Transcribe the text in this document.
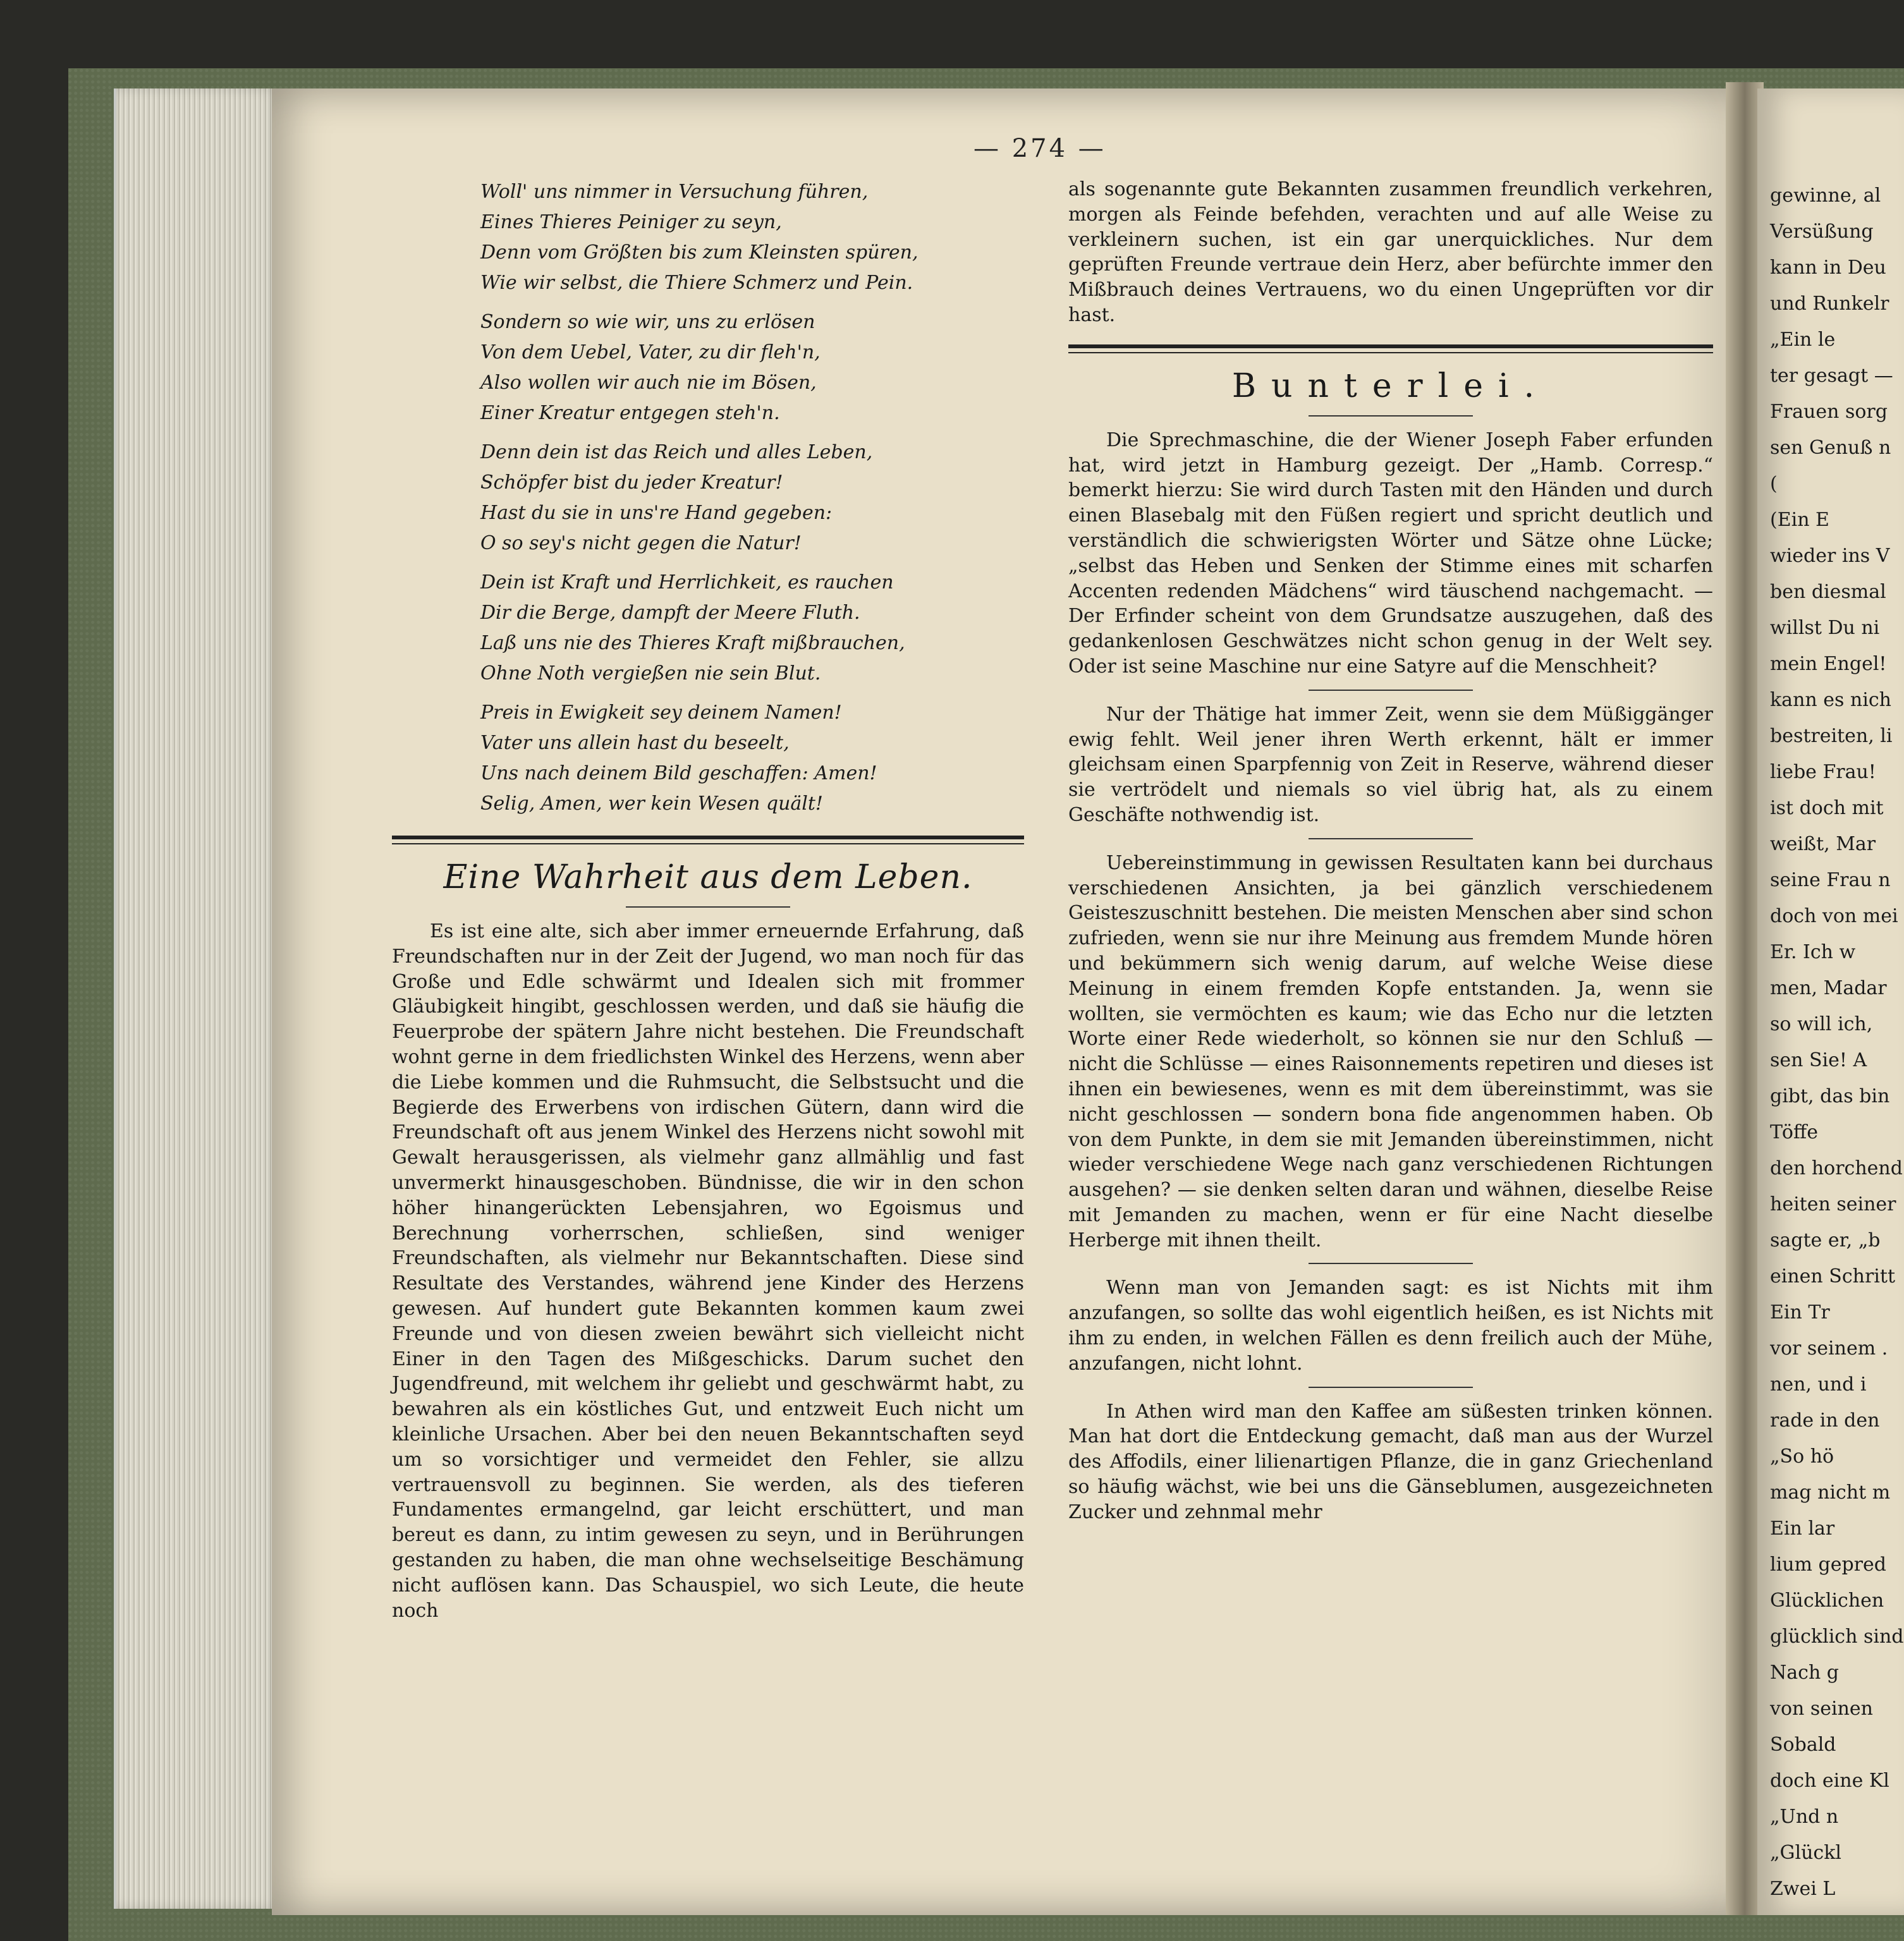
gewinne, al
Versüßung
kann in Deu
und Runkelr
„Ein le
ter gesagt —
Frauen sorg
sen Genuß n
(
(Ein E
wieder ins V
ben diesmal
willst Du ni
mein Engel!
kann es nich
bestreiten, li
liebe Frau!
ist doch mit
weißt, Mar
seine Frau n
doch von mei
Er. Ich w
men, Madar
so will ich,
sen Sie! A
gibt, das bin
Töffe
den horchend
heiten seiner
sagte er, „b
einen Schritt
Ein Tr
vor seinem .
nen, und i
rade in den
„So hö
mag nicht m
Ein lar
lium gepred
Glücklichen
glücklich sind
Nach g
von seinen
Sobald
doch eine Kl
„Und n
„Glückl
Zwei L
— 274 —
Woll' uns nimmer in Versuchung führen,
Eines Thieres Peiniger zu seyn,
Denn vom Größten bis zum Kleinsten spüren,
Wie wir selbst, die Thiere Schmerz und Pein.
Sondern so wie wir, uns zu erlösen
Von dem Uebel, Vater, zu dir fleh'n,
Also wollen wir auch nie im Bösen,
Einer Kreatur entgegen steh'n.
Denn dein ist das Reich und alles Leben,
Schöpfer bist du jeder Kreatur!
Hast du sie in uns're Hand gegeben:
O so sey's nicht gegen die Natur!
Dein ist Kraft und Herrlichkeit, es rauchen
Dir die Berge, dampft der Meere Fluth.
Laß uns nie des Thieres Kraft mißbrauchen,
Ohne Noth vergießen nie sein Blut.
Preis in Ewigkeit sey deinem Namen!
Vater uns allein hast du beseelt,
Uns nach deinem Bild geschaffen: Amen!
Selig, Amen, wer kein Wesen quält!
Eine Wahrheit aus dem Leben.

Es ist eine alte, sich aber immer erneuernde Erfahrung, daß Freundschaften nur in der Zeit der Jugend, wo man noch für das Große und Edle schwärmt und Idealen sich mit frommer Gläubigkeit hingibt, geschlossen werden, und daß sie häufig die Feuerprobe der spätern Jahre nicht bestehen. Die Freundschaft wohnt gerne in dem friedlichsten Winkel des Herzens, wenn aber die Liebe kommen und die Ruhmsucht, die Selbstsucht und die Begierde des Erwerbens von irdischen Gütern, dann wird die Freundschaft oft aus jenem Winkel des Herzens nicht sowohl mit Gewalt herausgerissen, als vielmehr ganz allmählig und fast unvermerkt hinausgeschoben. Bündnisse, die wir in den schon höher hinangerückten Lebensjahren, wo Egoismus und Berechnung vorherrschen, schließen, sind weniger Freundschaften, als vielmehr nur Bekanntschaften. Diese sind Resultate des Verstandes, während jene Kinder des Herzens gewesen. Auf hundert gute Bekannten kommen kaum zwei Freunde und von diesen zweien bewährt sich vielleicht nicht Einer in den Tagen des Mißgeschicks. Darum suchet den Jugendfreund, mit welchem ihr geliebt und geschwärmt habt, zu bewahren als ein köstliches Gut, und entzweit Euch nicht um kleinliche Ursachen. Aber bei den neuen Bekanntschaften seyd um so vorsichtiger und vermeidet den Fehler, sie allzu vertrauensvoll zu beginnen. Sie werden, als des tieferen Fundamentes ermangelnd, gar leicht erschüttert, und man bereut es dann, zu intim gewesen zu seyn, und in Berührungen gestanden zu haben, die man ohne wechselseitige Beschämung nicht auflösen kann. Das Schauspiel, wo sich Leute, die heute noch

als sogenannte gute Bekannten zusammen freundlich verkehren, morgen als Feinde befehden, verachten und auf alle Weise zu verkleinern suchen, ist ein gar unerquickliches. Nur dem geprüften Freunde vertraue dein Herz, aber befürchte immer den Mißbrauch deines Vertrauens, wo du einen Ungeprüften vor dir hast.

Bunterlei.

Die Sprechmaschine, die der Wiener Joseph Faber erfunden hat, wird jetzt in Hamburg gezeigt. Der „Hamb. Corresp.“ bemerkt hierzu: Sie wird durch Tasten mit den Händen und durch einen Blasebalg mit den Füßen regiert und spricht deutlich und verständlich die schwierigsten Wörter und Sätze ohne Lücke; „selbst das Heben und Senken der Stimme eines mit scharfen Accenten redenden Mädchens“ wird täuschend nachgemacht. — Der Erfinder scheint von dem Grundsatze auszugehen, daß des gedankenlosen Geschwätzes nicht schon genug in der Welt sey. Oder ist seine Maschine nur eine Satyre auf die Menschheit?

Nur der Thätige hat immer Zeit, wenn sie dem Müßiggänger ewig fehlt. Weil jener ihren Werth erkennt, hält er immer gleichsam einen Sparpfennig von Zeit in Reserve, während dieser sie vertrödelt und niemals so viel übrig hat, als zu einem Geschäfte nothwendig ist.

Uebereinstimmung in gewissen Resultaten kann bei durchaus verschiedenen Ansichten, ja bei gänzlich verschiedenem Geisteszuschnitt bestehen. Die meisten Menschen aber sind schon zufrieden, wenn sie nur ihre Meinung aus fremdem Munde hören und bekümmern sich wenig darum, auf welche Weise diese Meinung in einem fremden Kopfe entstanden. Ja, wenn sie wollten, sie vermöchten es kaum; wie das Echo nur die letzten Worte einer Rede wiederholt, so können sie nur den Schluß — nicht die Schlüsse — eines Raisonnements repetiren und dieses ist ihnen ein bewiesenes, wenn es mit dem übereinstimmt, was sie nicht geschlossen — sondern bona fide angenommen haben. Ob von dem Punkte, in dem sie mit Jemanden übereinstimmen, nicht wieder verschiedene Wege nach ganz verschiedenen Richtungen ausgehen? — sie denken selten daran und wähnen, dieselbe Reise mit Jemanden zu machen, wenn er für eine Nacht dieselbe Herberge mit ihnen theilt.

Wenn man von Jemanden sagt: es ist Nichts mit ihm anzufangen, so sollte das wohl eigentlich heißen, es ist Nichts mit ihm zu enden, in welchen Fällen es denn freilich auch der Mühe, anzufangen, nicht lohnt.

In Athen wird man den Kaffee am süßesten trinken können. Man hat dort die Entdeckung gemacht, daß man aus der Wurzel des Affodils, einer lilienartigen Pflanze, die in ganz Griechenland so häufig wächst, wie bei uns die Gänseblumen, ausgezeichneten Zucker und zehnmal mehr
